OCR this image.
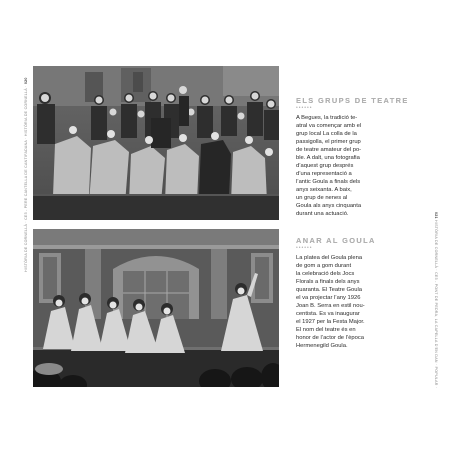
HISTÒRIA DE CORNELLÀ · CE5 - PERE CANTELLA DE CANTIFADANA · HISTÒRIA DE CORNELLÀ · 020
ELS GRUPS DE TEATRE
••••••
A Begues, la tradició te-
atral va començar amb el
grup local La colla de la
passigolla, el primer grup
de teatre amateur del po-
ble. A dalt, una fotografia
d’aquest grup després
d’una representació a
l’antic Goula a finals dels
anys seixanta. A baix,
un grup de nenes al
Goula als anys cinquanta
durant una actuació.
ANAR AL GOULA
••••••
La platea del Goula plena
de gom a gom durant
la celebració dels Jocs
Florals a finals dels anys
quaranta. El Teatre Goula
el va projectar l’any 1926
Joan B. Serra en estil nou-
centista. Es va inaugurar
el 1927 per la Festa Major.
El nom del teatre és en
honor de l’actor de l’època
Hermenegild Goula.
021 HISTÒRIA DE CORNELLÀ · CE5 - PONT DE PEDRA, LA CAPELLA D’EN DAN · POPULAR ·
